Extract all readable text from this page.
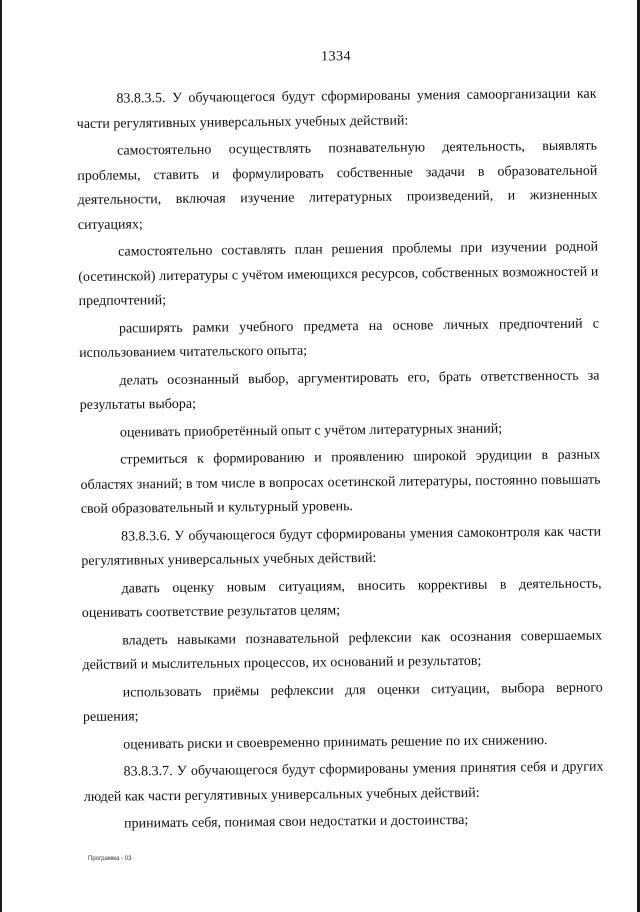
1334

83.8.3.5. У обучающегося будут сформированы умения самоорганизации как части регулятивных универсальных учебных действий:

самостоятельно осуществлять познавательную деятельность, выявлять проблемы, ставить и формулировать собственные задачи в образовательной деятельности, включая изучение литературных произведений, и жизненных ситуациях;

самостоятельно составлять план решения проблемы при изучении родной (осетинской) литературы с учётом имеющихся ресурсов, собственных возможностей и предпочтений;

расширять рамки учебного предмета на основе личных предпочтений с использованием читательского опыта;

делать осознанный выбор, аргументировать его, брать ответственность за результаты выбора;

оценивать приобретённый опыт с учётом литературных знаний;

стремиться к формированию и проявлению широкой эрудиции в разных областях знаний; в том числе в вопросах осетинской литературы, постоянно повышать свой образовательный и культурный уровень.

83.8.3.6. У обучающегося будут сформированы умения самоконтроля как части регулятивных универсальных учебных действий:

давать оценку новым ситуациям, вносить коррективы в деятельность, оценивать соответствие результатов целям;

владеть навыками познавательной рефлексии как осознания совершаемых действий и мыслительных процессов, их оснований и результатов;

использовать приёмы рефлексии для оценки ситуации, выбора верного решения;

оценивать риски и своевременно принимать решение по их снижению.

83.8.3.7. У обучающегося будут сформированы умения принятия себя и других людей как части регулятивных универсальных учебных действий:

принимать себя, понимая свои недостатки и достоинства;

Программа - 03
